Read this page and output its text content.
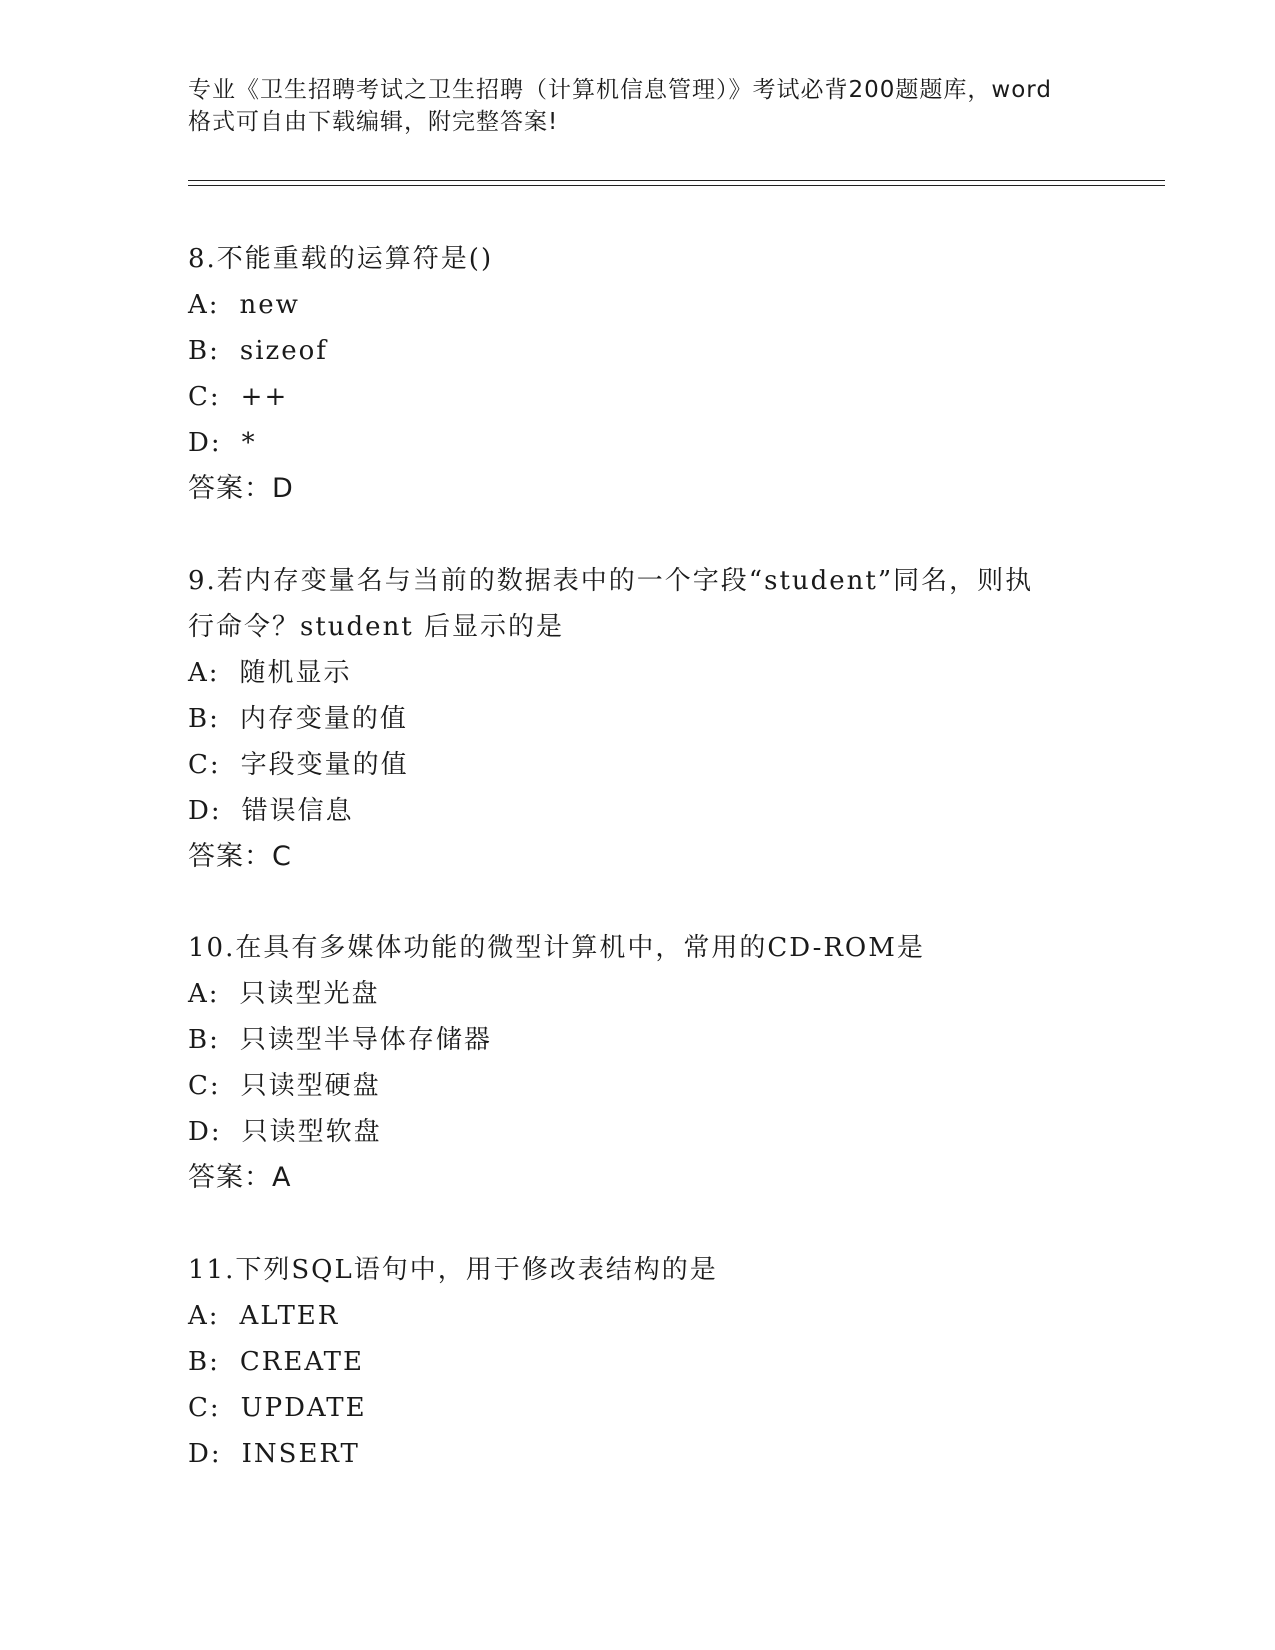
专业《卫生招聘考试之卫生招聘（计算机信息管理）》考试必背200题题库，word
格式可自由下载编辑，附完整答案!
8.不能重载的运算符是()
A: new
B: sizeof
C: ++
D: *
答案：D
9.若内存变量名与当前的数据表中的一个字段“student”同名，则执
行命令？student 后显示的是
A: 随机显示
B: 内存变量的值
C: 字段变量的值
D: 错误信息
答案：C
10.在具有多媒体功能的微型计算机中，常用的CD-ROM是
A: 只读型光盘
B: 只读型半导体存储器
C: 只读型硬盘
D: 只读型软盘
答案：A
11.下列SQL语句中，用于修改表结构的是
A: ALTER
B: CREATE
C: UPDATE
D: INSERT
